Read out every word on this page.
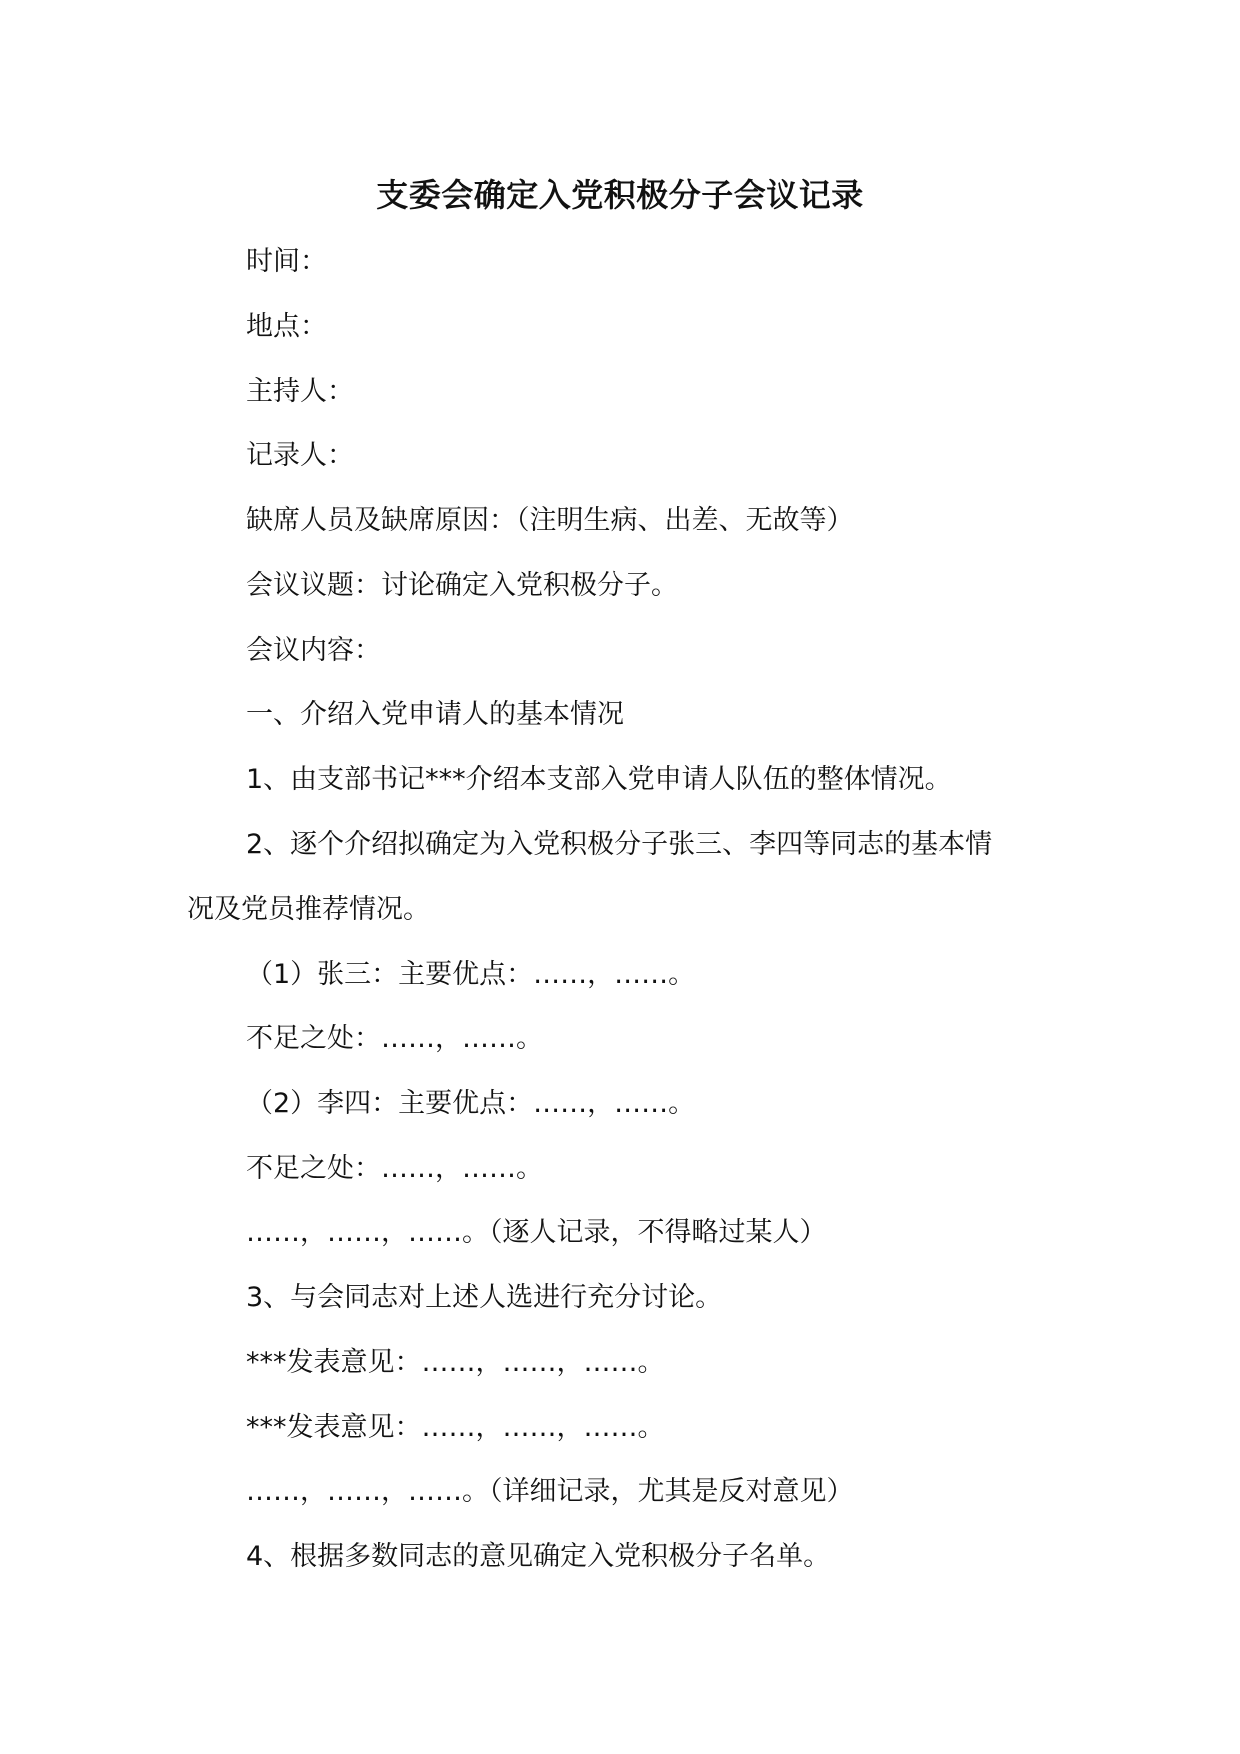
支委会确定入党积极分子会议记录
时间：
地点：
主持人：
记录人：
缺席人员及缺席原因：（注明生病、出差、无故等）
会议议题：讨论确定入党积极分子。
会议内容：
一、介绍入党申请人的基本情况
1、由支部书记***介绍本支部入党申请人队伍的整体情况。
2、逐个介绍拟确定为入党积极分子张三、李四等同志的基本情
况及党员推荐情况。
（1）张三：主要优点：……，……。
不足之处：……，……。
（2）李四：主要优点：……，……。
不足之处：……，……。
……，……，……。（逐人记录，不得略过某人）
3、与会同志对上述人选进行充分讨论。
***发表意见：……，……，……。
***发表意见：……，……，……。
……，……，……。（详细记录，尤其是反对意见）
4、根据多数同志的意见确定入党积极分子名单。
